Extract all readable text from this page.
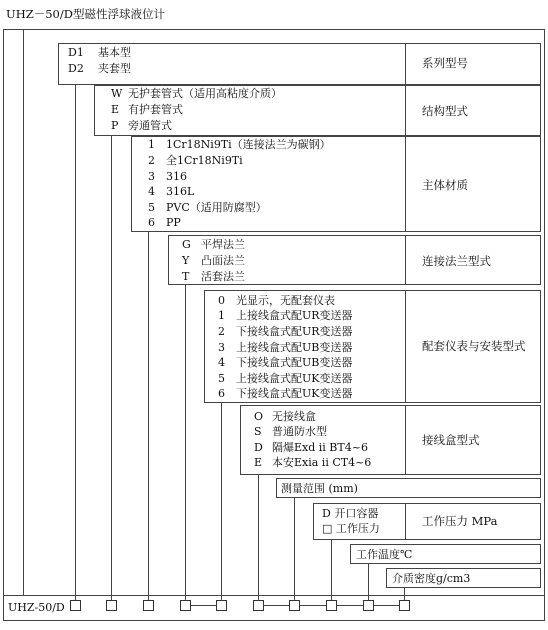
UHZ－50/D型磁性浮球液位计
D1 基本型
D2 夹套型	系列型号
W 无护套管式（适用高粘度介质）
E 有护套管式
P 旁通管式
结构型式
1 1Cr18Ni9Ti（连接法兰为碳钢）
2 全1Cr18Ni9Ti
3 316
4 316L
5 PVC（适用防腐型）
6 PP
主体材质
G 平焊法兰
Y 凸面法兰
T 活套法兰
连接法兰型式
0 光显示，无配套仪表
1 上接线盒式配UR变送器
2 下接线盒式配UR变送器
3 上接线盒式配UB变送器
4 下接线盒式配UB变送器
5 上接线盒式配UK变送器
6 下接线盒式配UK变送器
配套仪表与安装型式
O 无接线盒
S 普通防水型
D 隔爆Exd ii BT4~6
E 本安Exia ii CT4~6
接线盒型式
测量范围 (mm)
D 开口容器
□ 工作压力
工作压力 MPa
工作温度℃
介质密度g/cm3
UHZ-50/D
